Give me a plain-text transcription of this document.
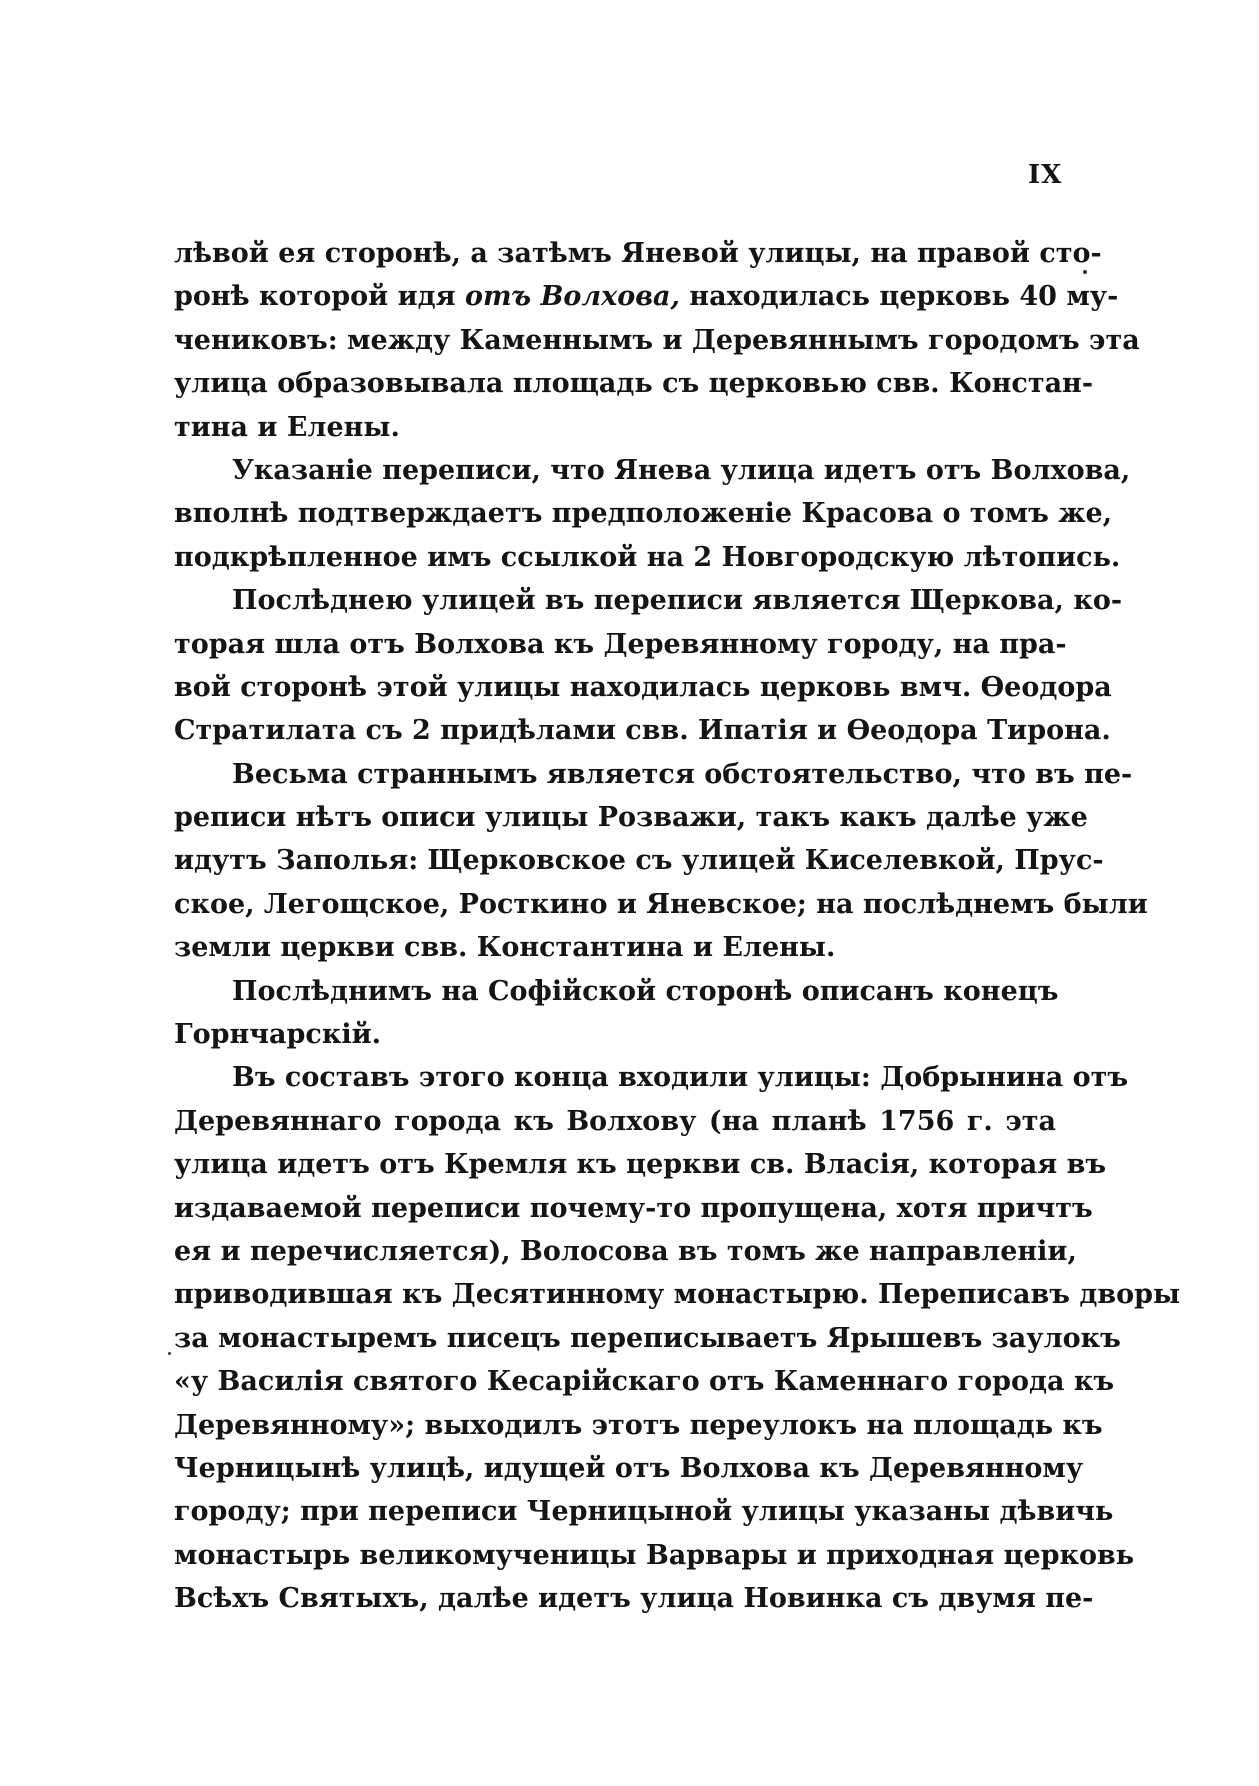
IX
лѣвой ея сторонѣ, а затѣмъ Яневой улицы, на правой сто-
ронѣ которой идя отъ Волхова, находилась церковь 40 му-
чениковъ: между Каменнымъ и Деревяннымъ городомъ эта
улица образовывала площадь съ церковью свв. Констан-
тина и Елены.
Указаніе переписи, что Янева улица идетъ отъ Волхова,
вполнѣ подтверждаетъ предположеніе Красова о томъ же,
подкрѣпленное имъ ссылкой на 2 Новгородскую лѣтопись.
Послѣднею улицей въ переписи является Щеркова, ко-
торая шла отъ Волхова къ Деревянному городу, на пра-
вой сторонѣ этой улицы находилась церковь вмч. Ѳеодора
Стратилата съ 2 придѣлами свв. Ипатія и Ѳеодора Тирона.
Весьма страннымъ является обстоятельство, что въ пе-
реписи нѣтъ описи улицы Розважи, такъ какъ далѣе уже
идутъ Заполья: Щерковское съ улицей Киселевкой, Прус-
ское, Легощское, Росткино и Яневское; на послѣднемъ были
земли церкви свв. Константина и Елены.
Послѣднимъ на Софійской сторонѣ описанъ конецъ
Горнчарскій.
Въ составъ этого конца входили улицы: Добрынина отъ
Деревяннаго города къ Волхову (на планѣ 1756 г. эта
улица идетъ отъ Кремля къ церкви св. Власія, которая въ
издаваемой переписи почему-то пропущена, хотя причтъ
ея и перечисляется), Волосова въ томъ же направленіи,
приводившая къ Десятинному монастырю. Переписавъ дворы
за монастыремъ писецъ переписываетъ Ярышевъ заулокъ
«у Василія святого Кесарійскаго отъ Каменнаго города къ
Деревянному»; выходилъ этотъ переулокъ на площадь къ
Черницынѣ улицѣ, идущей отъ Волхова къ Деревянному
городу; при переписи Черницыной улицы указаны дѣвичь
монастырь великомученицы Варвары и приходная церковь
Всѣхъ Святыхъ, далѣе идетъ улица Новинка съ двумя пе-
